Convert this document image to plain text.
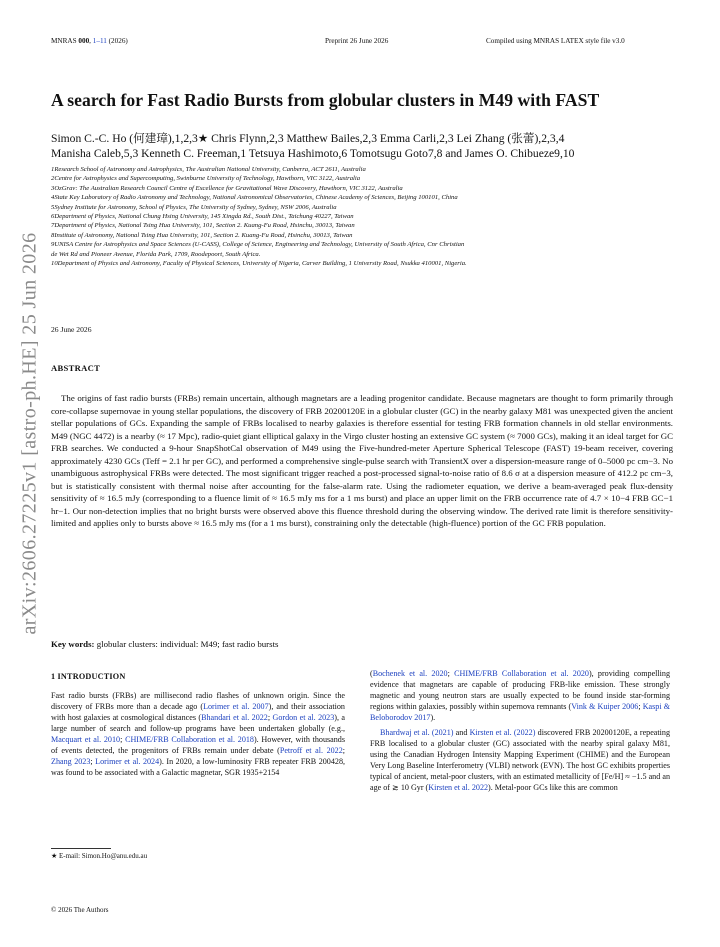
MNRAS 000, 1–11 (2026)	Preprint 26 June 2026	Compiled using MNRAS LATEX style file v3.0
arXiv:2606.27225v1 [astro-ph.HE] 25 Jun 2026
A search for Fast Radio Bursts from globular clusters in M49 with FAST
Simon C.-C. Ho (何建璋),1,2,3★ Chris Flynn,2,3 Matthew Bailes,2,3 Emma Carli,2,3 Lei Zhang (张蕾),2,3,4
Manisha Caleb,5,3 Kenneth C. Freeman,1 Tetsuya Hashimoto,6 Tomotsugu Goto7,8 and James O. Chibueze9,10
1Research School of Astronomy and Astrophysics, The Australian National University, Canberra, ACT 2611, Australia
2Centre for Astrophysics and Supercomputing, Swinburne University of Technology, Hawthorn, VIC 3122, Australia
3OzGrav: The Australian Research Council Centre of Excellence for Gravitational Wave Discovery, Hawthorn, VIC 3122, Australia
4State Key Laboratory of Radio Astronomy and Technology, National Astronomical Observatories, Chinese Academy of Sciences, Beijing 100101, China
5Sydney Institute for Astronomy, School of Physics, The University of Sydney, Sydney, NSW 2006, Australia
6Department of Physics, National Chung Hsing University, 145 Xingda Rd., South Dist., Taichung 40227, Taiwan
7Department of Physics, National Tsing Hua University, 101, Section 2. Kuang-Fu Road, Hsinchu, 30013, Taiwan
8Institute of Astronomy, National Tsing Hua University, 101, Section 2. Kuang-Fu Road, Hsinchu, 30013, Taiwan
9UNISA Centre for Astrophysics and Space Sciences (U-CASS), College of Science, Engineering and Technology, University of South Africa, Cnr Christian
de Wet Rd and Pioneer Avenue, Florida Park, 1709, Roodepoort, South Africa.
10Department of Physics and Astronomy, Faculty of Physical Sciences, University of Nigeria, Carver Building, 1 University Road, Nsukka 410001, Nigeria.
26 June 2026
ABSTRACT

The origins of fast radio bursts (FRBs) remain uncertain, although magnetars are a leading progenitor candidate. Because magnetars are thought to form primarily through core-collapse supernovae in young stellar populations, the discovery of FRB 20200120E in a globular cluster (GC) in the nearby galaxy M81 was unexpected given the ancient stellar populations of GCs. Expanding the sample of FRBs localised to nearby galaxies is therefore essential for testing FRB formation channels in old stellar environments. M49 (NGC 4472) is a nearby (≈ 17 Mpc), radio-quiet giant elliptical galaxy in the Virgo cluster hosting an extensive GC system (≈ 7000 GCs), making it an ideal target for GC FRB searches. We conducted a 9-hour SnapShotCal observation of M49 using the Five-hundred-meter Aperture Spherical Telescope (FAST) 19-beam receiver, covering approximately 4230 GCs (Teff = 2.1 hr per GC), and performed a comprehensive single-pulse search with TransientX over a dispersion-measure range of 0–5000 pc cm−3. No unambiguous astrophysical FRBs were detected. The most significant trigger reached a post-processed signal-to-noise ratio of 8.6 σ at a dispersion measure of 412.2 pc cm−3, but is statistically consistent with thermal noise after accounting for the false-alarm rate. Using the radiometer equation, we derive a beam-averaged peak flux-density sensitivity of ≈ 16.5 mJy (corresponding to a fluence limit of ≈ 16.5 mJy ms for a 1 ms burst) and place an upper limit on the FRB occurrence rate of 4.7 × 10−4 FRB GC−1 hr−1. Our non-detection implies that no bright bursts were observed above this fluence threshold during the observing window. The derived rate limit is therefore sensitivity-limited and applies only to bursts above ≈ 16.5 mJy ms (for a 1 ms burst), constraining only the detectable (high-fluence) portion of the GC FRB population.

Key words: globular clusters: individual: M49; fast radio bursts
1 INTRODUCTION

Fast radio bursts (FRBs) are millisecond radio flashes of unknown origin. Since the discovery of FRBs more than a decade ago (Lorimer et al. 2007), and their association with host galaxies at cosmological distances (Bhandari et al. 2022; Gordon et al. 2023), a large number of search and follow-up programs have been undertaken globally (e.g., Macquart et al. 2010; CHIME/FRB Collaboration et al. 2018). However, with thousands of events detected, the progenitors of FRBs remain under debate (Petroff et al. 2022; Zhang 2023; Lorimer et al. 2024). In 2020, a low-luminosity FRB repeater FRB 200428, was found to be associated with a Galactic magnetar, SGR 1935+2154

(Bochenek et al. 2020; CHIME/FRB Collaboration et al. 2020), providing compelling evidence that magnetars are capable of producing FRB-like emission. These strongly magnetic and young neutron stars are usually expected to be found inside star-forming regions within galaxies, possibly within supernova remnants (Vink & Kuiper 2006; Kaspi & Beloborodov 2017).

Bhardwaj et al. (2021) and Kirsten et al. (2022) discovered FRB 20200120E, a repeating FRB localised to a globular cluster (GC) associated with the nearby spiral galaxy M81, using the Canadian Hydrogen Intensity Mapping Experiment (CHIME) and the European Very Long Baseline Interferometry (VLBI) network (EVN). The host GC exhibits properties typical of ancient, metal-poor clusters, with an estimated metallicity of [Fe/H] ≈ −1.5 and an age of ≳ 10 Gyr (Kirsten et al. 2022). Metal-poor GCs like this are common

★ E-mail: Simon.Ho@anu.edu.au
© 2026 The Authors
